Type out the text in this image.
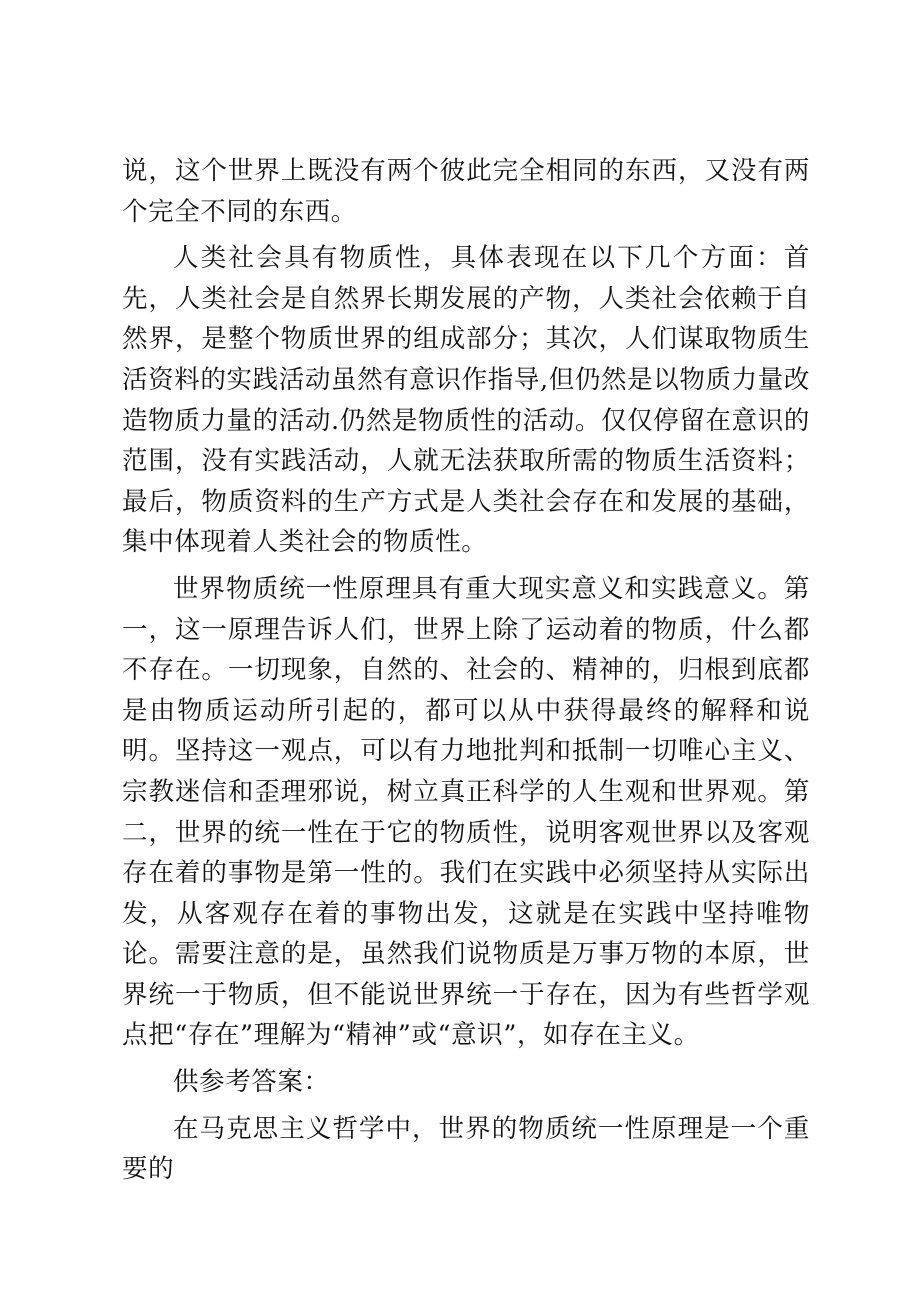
说，这个世界上既没有两个彼此完全相同的东西，又没有两个完全不同的东西。

人类社会具有物质性，具体表现在以下几个方面：首先，人类社会是自然界长期发展的产物，人类社会依赖于自然界，是整个物质世界的组成部分；其次，人们谋取物质生活资料的实践活动虽然有意识作指导,但仍然是以物质力量改造物质力量的活动.仍然是物质性的活动。仅仅停留在意识的范围，没有实践活动，人就无法获取所需的物质生活资料；最后，物质资料的生产方式是人类社会存在和发展的基础，集中体现着人类社会的物质性。

世界物质统一性原理具有重大现实意义和实践意义。第一，这一原理告诉人们，世界上除了运动着的物质，什么都不存在。一切现象，自然的、社会的、精神的，归根到底都是由物质运动所引起的，都可以从中获得最终的解释和说明。坚持这一观点，可以有力地批判和抵制一切唯心主义、宗教迷信和歪理邪说，树立真正科学的人生观和世界观。第二，世界的统一性在于它的物质性，说明客观世界以及客观存在着的事物是第一性的。我们在实践中必须坚持从实际出发，从客观存在着的事物出发，这就是在实践中坚持唯物论。需要注意的是，虽然我们说物质是万事万物的本原，世界统一于物质，但不能说世界统一于存在，因为有些哲学观点把“存在”理解为“精神”或“意识”，如存在主义。

供参考答案：

在马克思主义哲学中，世界的物质统一性原理是一个重要的
